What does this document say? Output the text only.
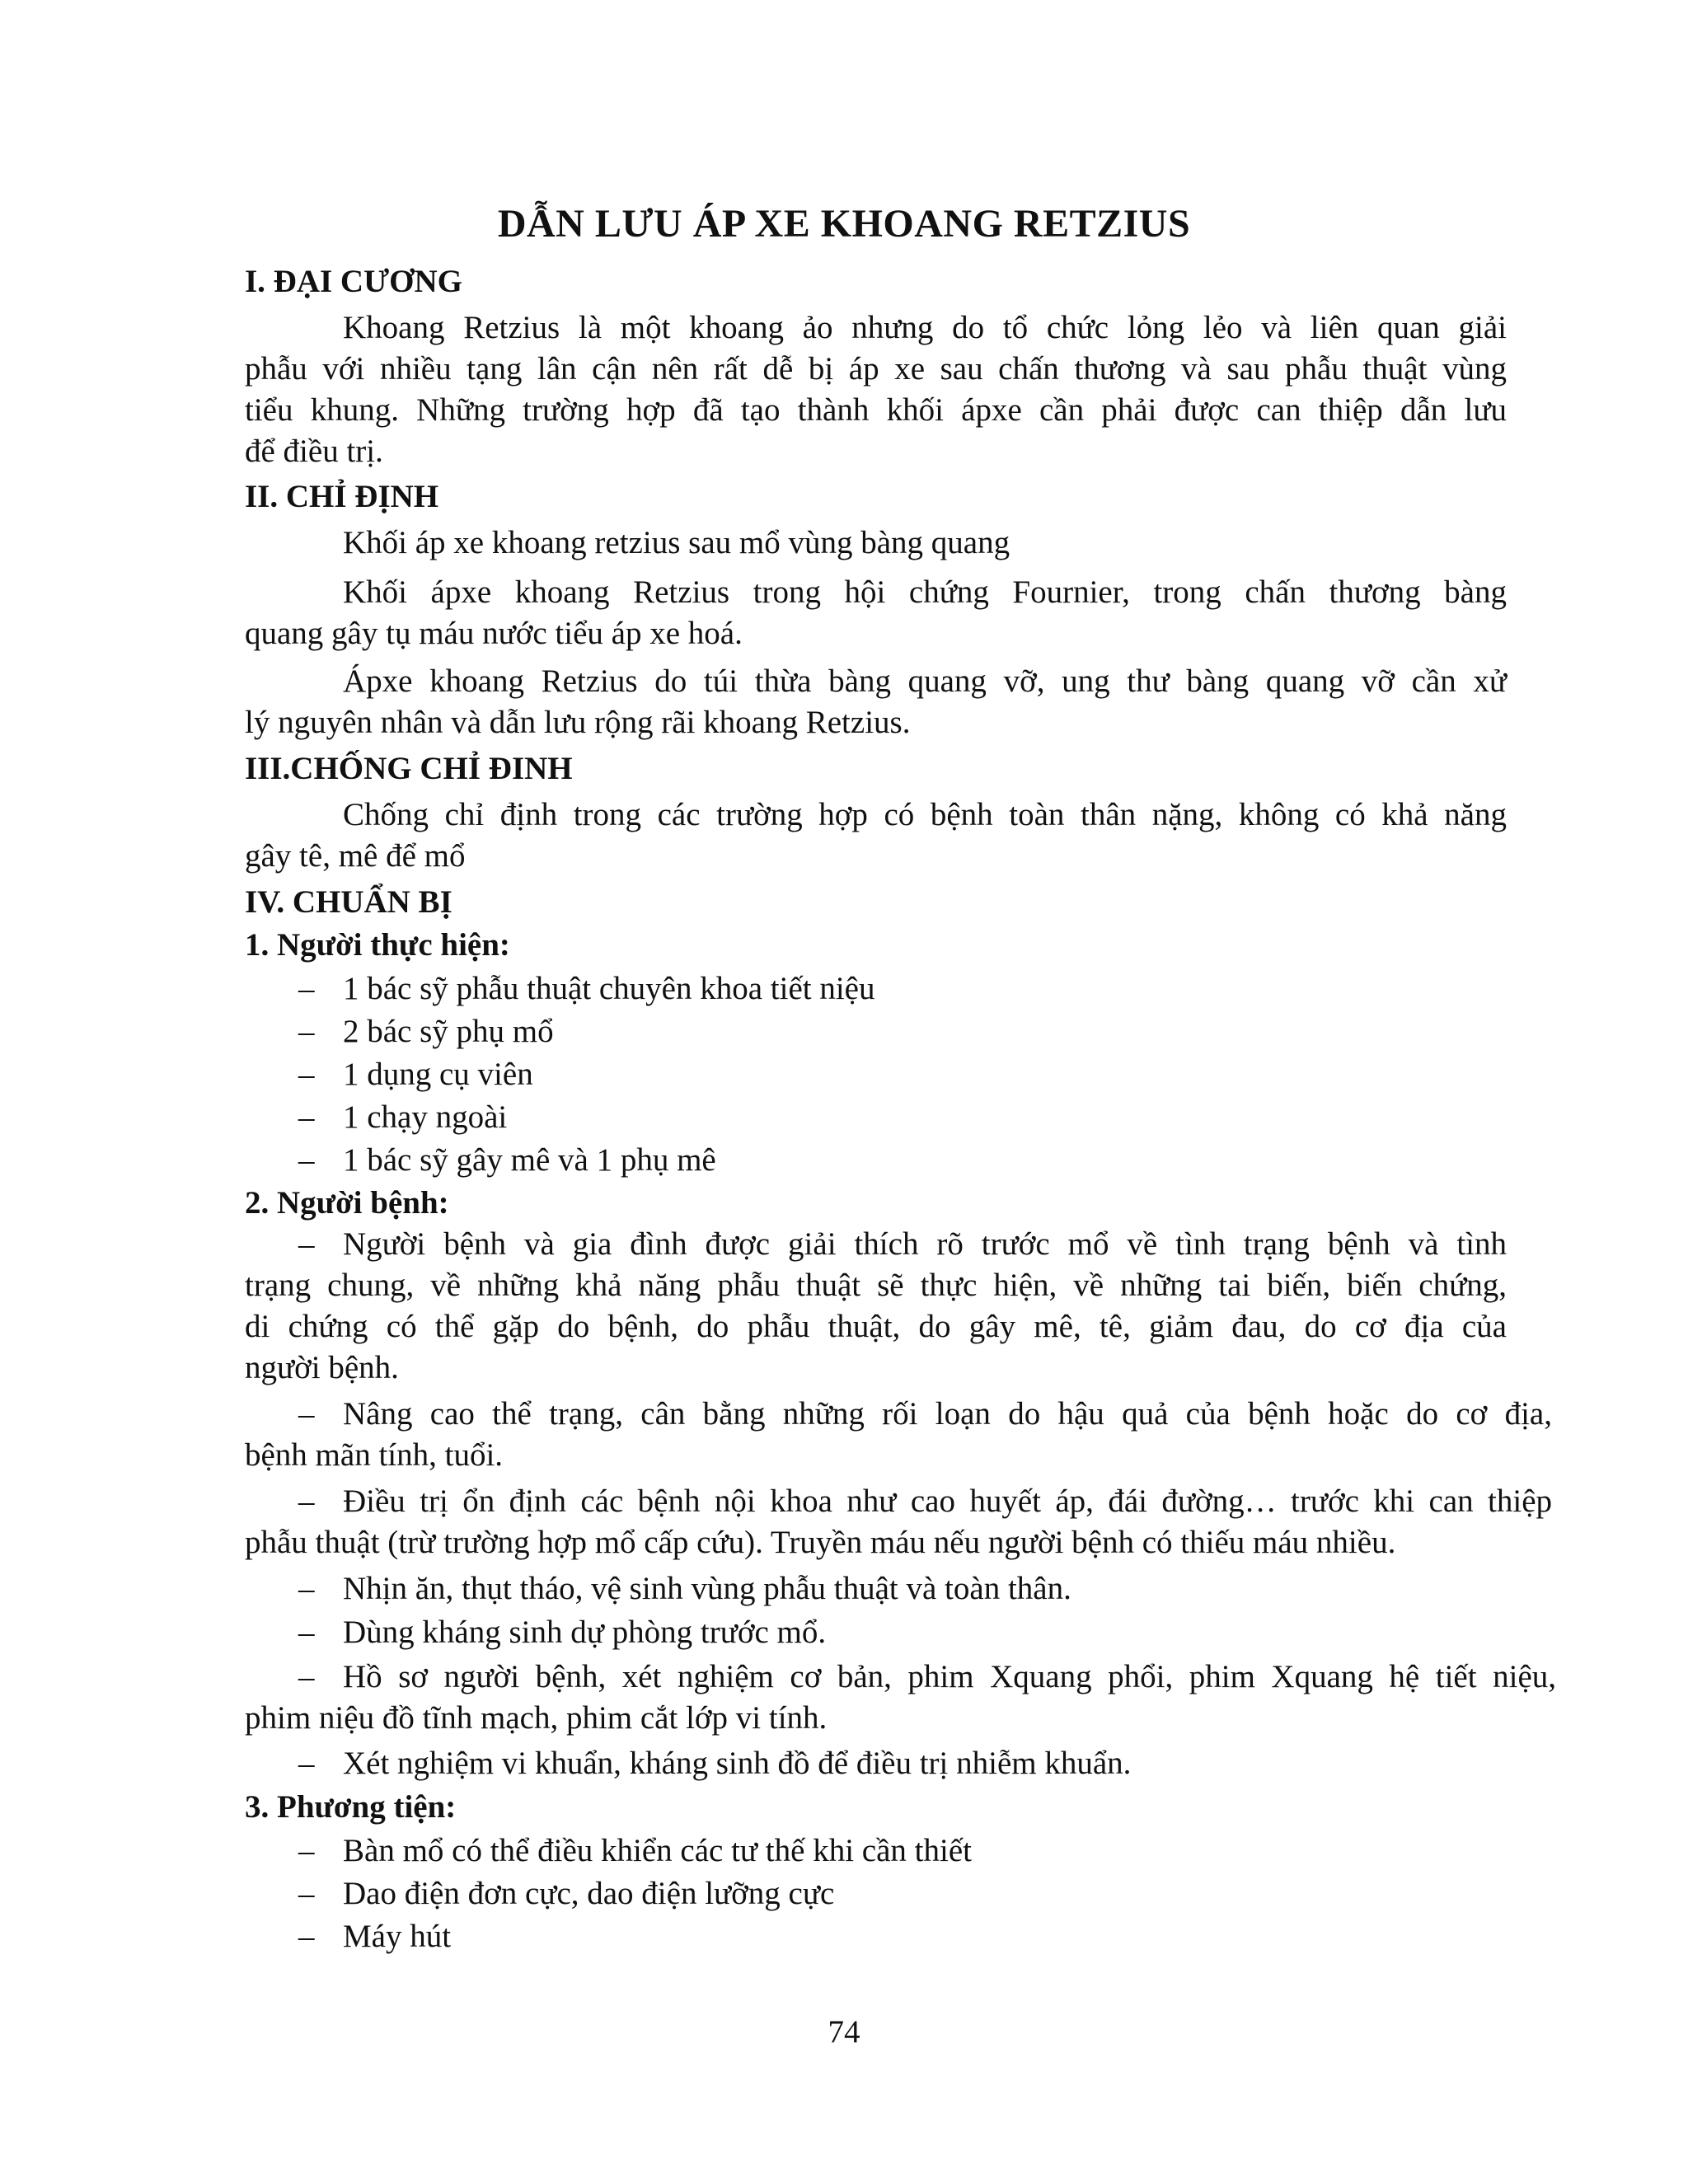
DẪN LƯU ÁP XE KHOANG RETZIUS
I. ĐẠI CƯƠNG
Khoang Retzius là một khoang ảo nhưng do tổ chức lỏng lẻo và liên quan giải
phẫu với nhiều tạng lân cận nên rất dễ bị áp xe sau chấn thương và sau phẫu thuật vùng
tiểu khung. Những trường hợp đã tạo thành khối ápxe cần phải được can thiệp dẫn lưu
để điều trị.
II. CHỈ ĐỊNH
Khối áp xe khoang retzius sau mổ vùng bàng quang
Khối ápxe khoang Retzius trong hội chứng Fournier, trong chấn thương bàng
quang gây tụ máu nước tiểu áp xe hoá.
Ápxe khoang Retzius do túi thừa bàng quang vỡ, ung thư bàng quang vỡ cần xử
lý nguyên nhân và dẫn lưu rộng rãi khoang Retzius.
III.CHỐNG CHỈ ĐINH
Chống chỉ định trong các trường hợp có bệnh toàn thân nặng, không có khả năng
gây tê, mê để mổ
IV. CHUẨN BỊ
1. Người thực hiện:
– 1 bác sỹ phẫu thuật chuyên khoa tiết niệu
– 2 bác sỹ phụ mổ
– 1 dụng cụ viên
– 1 chạy ngoài
– 1 bác sỹ gây mê và 1 phụ mê
2. Người bệnh:
– Người bệnh và gia đình được giải thích rõ trước mổ về tình trạng bệnh và tình
trạng chung, về những khả năng phẫu thuật sẽ thực hiện, về những tai biến, biến chứng,
di chứng có thể gặp do bệnh, do phẫu thuật, do gây mê, tê, giảm đau, do cơ địa của
người bệnh.
– Nâng cao thể trạng, cân bằng những rối loạn do hậu quả của bệnh hoặc do cơ địa,
bệnh mãn tính, tuổi.
– Điều trị ổn định các bệnh nội khoa như cao huyết áp, đái đường… trước khi can thiệp
phẫu thuật (trừ trường hợp mổ cấp cứu). Truyền máu nếu người bệnh có thiếu máu nhiều.
– Nhịn ăn, thụt tháo, vệ sinh vùng phẫu thuật và toàn thân.
– Dùng kháng sinh dự phòng trước mổ.
– Hồ sơ người bệnh, xét nghiệm cơ bản, phim Xquang phổi, phim Xquang hệ tiết niệu,
phim niệu đồ tĩnh mạch, phim cắt lớp vi tính.
– Xét nghiệm vi khuẩn, kháng sinh đồ để điều trị nhiễm khuẩn.
3. Phương tiện:
– Bàn mổ có thể điều khiển các tư thế khi cần thiết
– Dao điện đơn cực, dao điện lưỡng cực
– Máy hút
74
